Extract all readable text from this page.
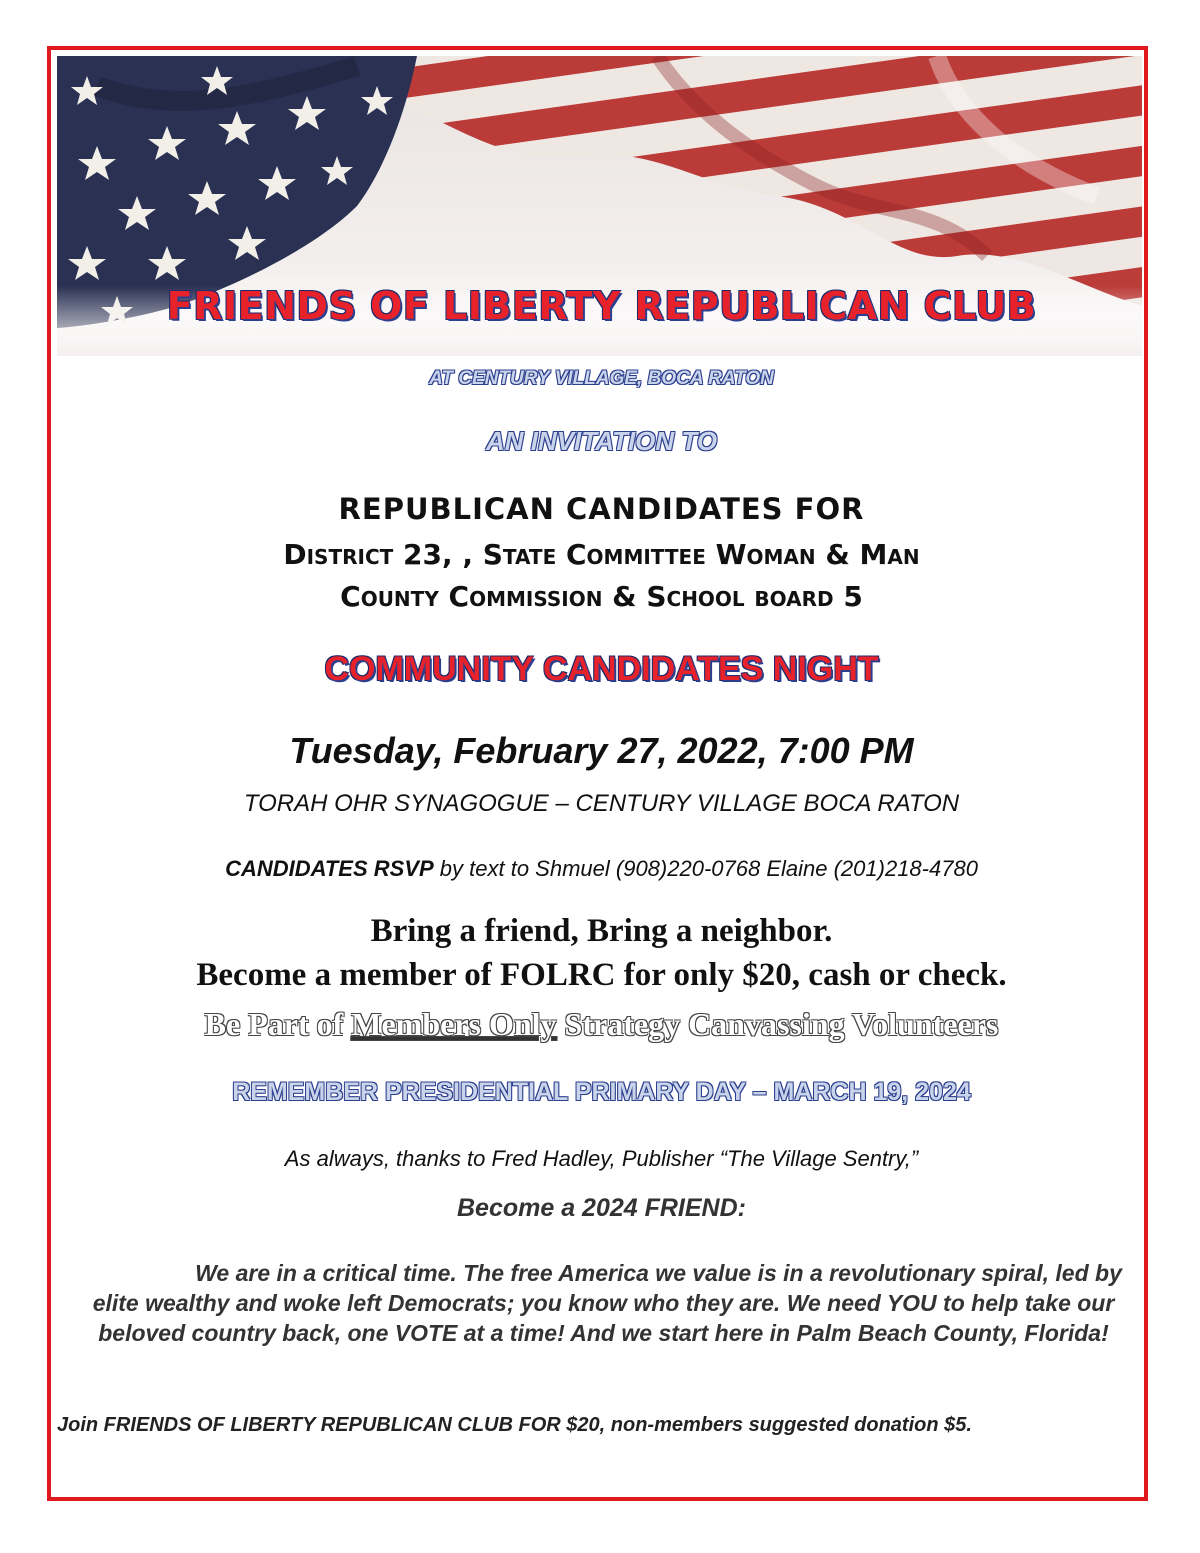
FRIENDS OF LIBERTY REPUBLICAN CLUB
AT CENTURY VILLAGE, BOCA RATON
AN INVITATION TO
REPUBLICAN CANDIDATES FOR
District 23, , State Committee Woman & Man
County Commission & School board 5
COMMUNITY CANDIDATES NIGHT
Tuesday, February 27, 2022, 7:00 PM
TORAH OHR SYNAGOGUE – CENTURY VILLAGE BOCA RATON
CANDIDATES RSVP by text to Shmuel (908)220-0768 Elaine (201)218-4780
Bring a friend, Bring a neighbor.
Become a member of FOLRC for only $20, cash or check.
Be Part of Members Only Strategy Canvassing Volunteers
REMEMBER PRESIDENTIAL PRIMARY DAY – MARCH 19, 2024
As always, thanks to Fred Hadley, Publisher “The Village Sentry,”
Become a 2024 FRIEND:
We are in a critical time. The free America we value is in a revolutionary spiral, led by elite wealthy and woke left Democrats; you know who they are. We need YOU to help take our beloved country back, one VOTE at a time! And we start here in Palm Beach County, Florida!
Join FRIENDS OF LIBERTY REPUBLICAN CLUB FOR $20, non-members suggested donation $5.
